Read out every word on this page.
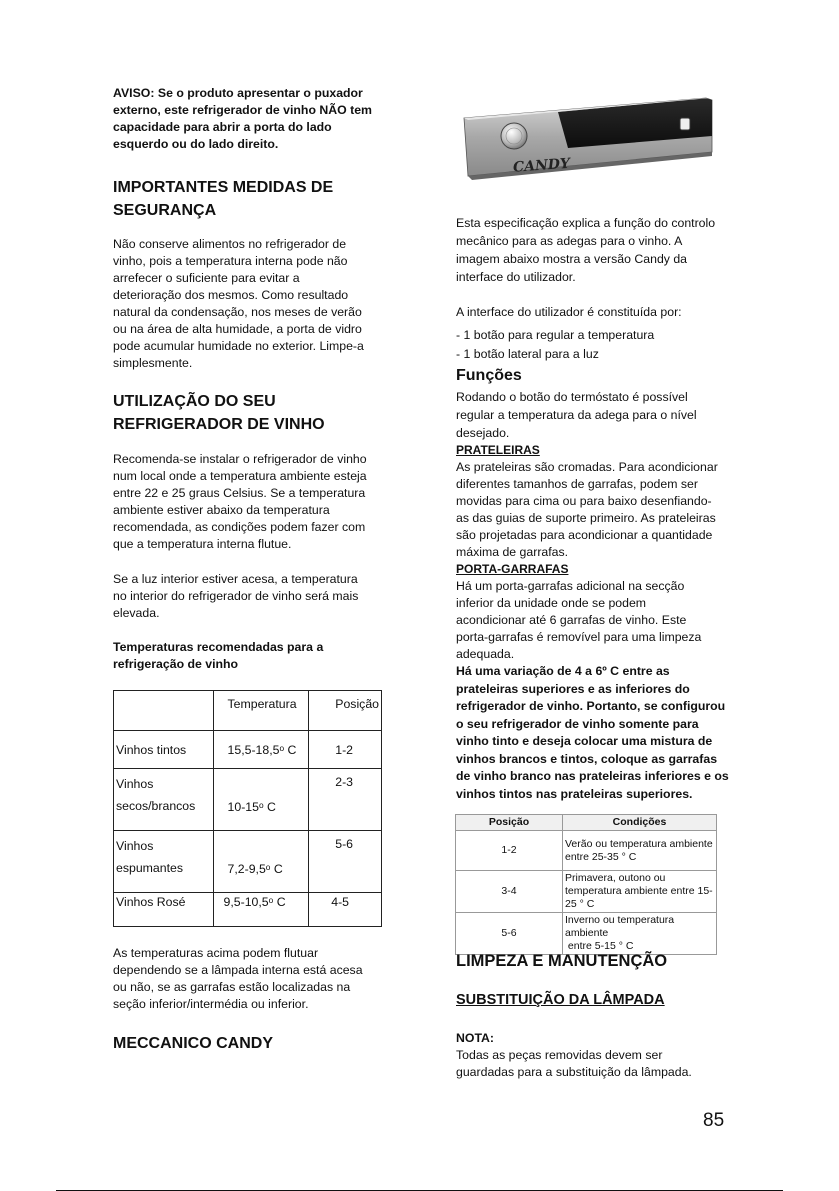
AVISO: Se o produto apresentar o puxador

externo, este refrigerador de vinho NÃO tem

capacidade para abrir a porta do lado

esquerdo ou do lado direito.

IMPORTANTES MEDIDAS DE

SEGURANÇA

Não conserve alimentos no refrigerador de

vinho, pois a temperatura interna pode não

arrefecer o suficiente para evitar a

deterioração dos mesmos. Como resultado

natural da condensação, nos meses de verão

ou na área de alta humidade, a porta de vidro

pode acumular humidade no exterior. Limpe-a

simplesmente.

UTILIZAÇÃO DO SEU

REFRIGERADOR DE VINHO

Recomenda-se instalar o refrigerador de vinho

num local onde a temperatura ambiente esteja

entre 22 e 25 graus Celsius. Se a temperatura

ambiente estiver abaixo da temperatura

recomendada, as condições podem fazer com

que a temperatura interna flutue.

Se a luz interior estiver acesa, a temperatura

no interior do refrigerador de vinho será mais

elevada.

Temperaturas recomendadas para a

refrigeração de vinho

	Temperatura	Posição
Vinhos tintos	15,5-18,5ᵒ C	1-2

Vinhos
secos/brancos	10-15ᵒ C	2-3

Vinhos
espumantes	7,2-9,5ᵒ C	5-6
Vinhos Rosé	9,5-10,5ᵒ C	4-5

As temperaturas acima podem flutuar

dependendo se a lâmpada interna está acesa

ou não, se as garrafas estão localizadas na

seção inferior/intermédia ou inferior.

MECCANICO CANDY

CANDY

Esta especificação explica a função do controlo

mecânico para as adegas para o vinho. A

imagem abaixo mostra a versão Candy da

interface do utilizador.

A interface do utilizador é constituída por:

- 1 botão para regular a temperatura

- 1 botão lateral para a luz

Funções

Rodando o botão do termóstato é possível

regular a temperatura da adega para o nível

desejado.

PRATELEIRAS

As prateleiras são cromadas. Para acondicionar

diferentes tamanhos de garrafas, podem ser

movidas para cima ou para baixo desenfiando-

as das guias de suporte primeiro. As prateleiras

são projetadas para acondicionar a quantidade

máxima de garrafas.

PORTA-GARRAFAS

Há um porta-garrafas adicional na secção

inferior da unidade onde se podem

acondicionar até 6 garrafas de vinho. Este

porta-garrafas é removível para uma limpeza

adequada.

Há uma variação de 4 a 6º C entre as

prateleiras superiores e as inferiores do

refrigerador de vinho. Portanto, se configurou

o seu refrigerador de vinho somente para

vinho tinto e deseja colocar uma mistura de

vinhos brancos e tintos, coloque as garrafas

de vinho branco nas prateleiras inferiores e os

vinhos tintos nas prateleiras superiores.

Posição	Condições
1-2	Verão ou temperatura ambiente
entre 25-35 ° C

3-4	Primavera, outono ou
temperatura ambiente entre 15-
25 ° C

5-6	Inverno ou temperatura
ambiente
entre 5-15 ° C

LIMPEZA E MANUTENÇÃO

SUBSTITUIÇÃO DA LÂMPADA

NOTA:

Todas as peças removidas devem ser

guardadas para a substituição da lâmpada.

85
